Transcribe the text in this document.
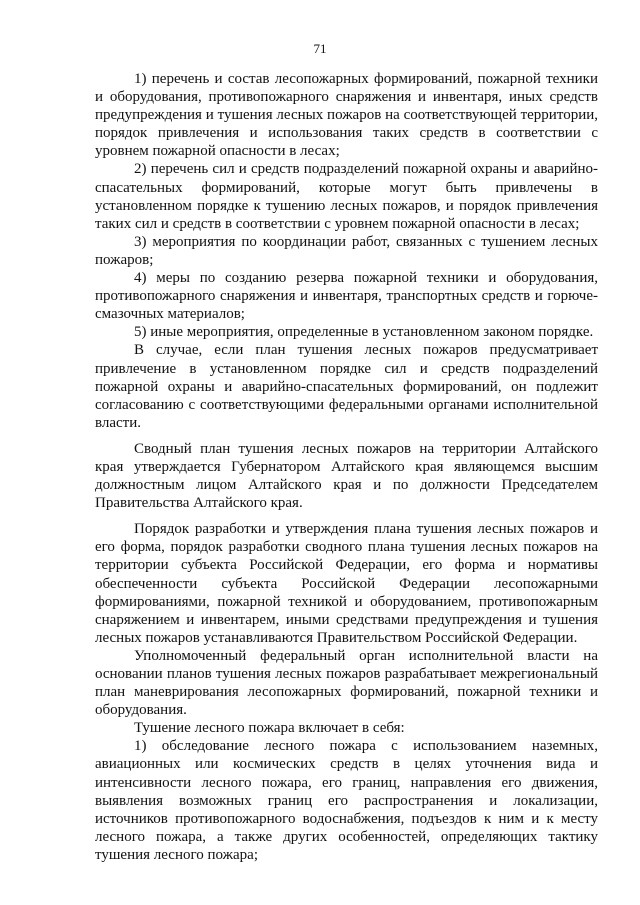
71

1) перечень и состав лесопожарных формирований, пожарной техники и оборудования, противопожарного снаряжения и инвентаря, иных средств предупреждения и тушения лесных пожаров на соответствующей территории, порядок привлечения и использования таких средств в соответствии с уровнем пожарной опасности в лесах;

2) перечень сил и средств подразделений пожарной охраны и аварийно-спасательных формирований, которые могут быть привлечены в установленном порядке к тушению лесных пожаров, и порядок привлечения таких сил и средств в соответствии с уровнем пожарной опасности в лесах;

3) мероприятия по координации работ, связанных с тушением лесных пожаров;

4) меры по созданию резерва пожарной техники и оборудования, противопожарного снаряжения и инвентаря, транспортных средств и горюче-смазочных материалов;

5) иные мероприятия, определенные в установленном законом порядке.

В случае, если план тушения лесных пожаров предусматривает привлечение в установленном порядке сил и средств подразделений пожарной охраны и аварийно-спасательных формирований, он подлежит согласованию с соответствующими федеральными органами исполнительной власти.

Сводный план тушения лесных пожаров на территории Алтайского края утверждается Губернатором Алтайского края являющемся высшим должностным лицом Алтайского края и по должности Председателем Правительства Алтайского края.

Порядок разработки и утверждения плана тушения лесных пожаров и его форма, порядок разработки сводного плана тушения лесных пожаров на территории субъекта Российской Федерации, его форма и нормативы обеспеченности субъекта Российской Федерации лесопожарными формированиями, пожарной техникой и оборудованием, противопожарным снаряжением и инвентарем, иными средствами предупреждения и тушения лесных пожаров устанавливаются Правительством Российской Федерации.

Уполномоченный федеральный орган исполнительной власти на основании планов тушения лесных пожаров разрабатывает межрегиональный план маневрирования лесопожарных формирований, пожарной техники и оборудования.

Тушение лесного пожара включает в себя:

1) обследование лесного пожара с использованием наземных, авиационных или космических средств в целях уточнения вида и интенсивности лесного пожара, его границ, направления его движения, выявления возможных границ его распространения и локализации, источников противопожарного водоснабжения, подъездов к ним и к месту лесного пожара, а также других особенностей, определяющих тактику тушения лесного пожара;
